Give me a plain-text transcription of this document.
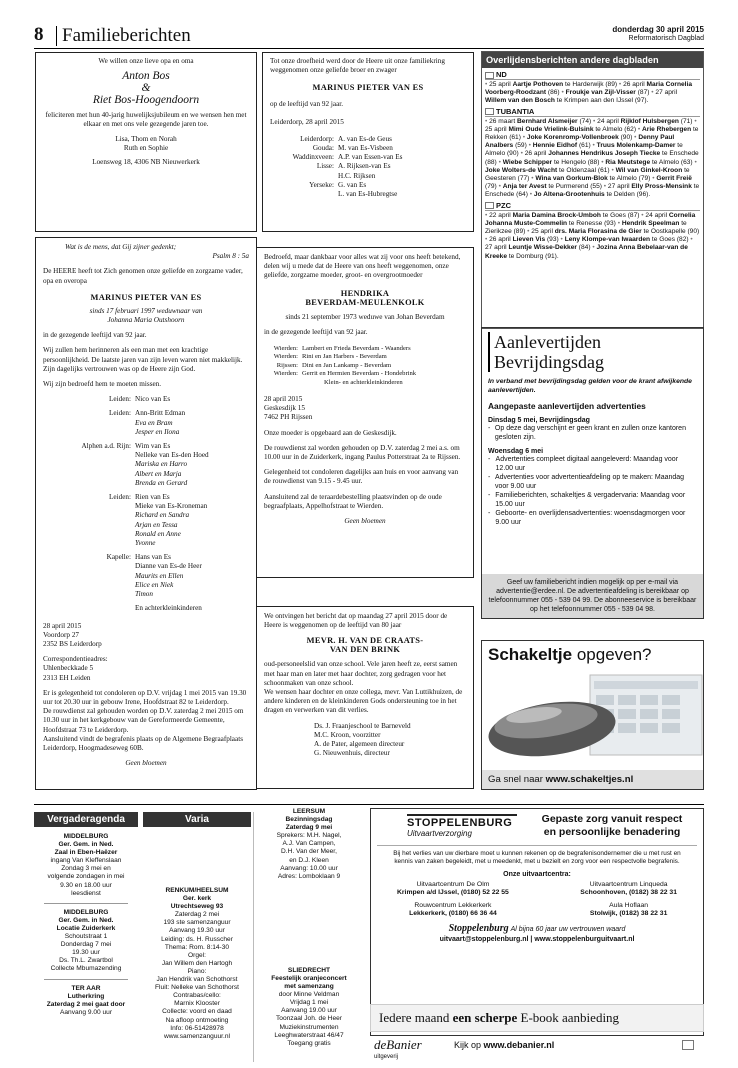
8 Familieberichten	donderdag 30 april 2015
Reformatorisch Dagblad

We willen onze lieve opa en oma

Anton Bos

&

Riet Bos-Hoogendoorn

feliciteren met hun 40-jarig huwelijksjubileum en we wensen hen met elkaar en met ons vele gezegende jaren toe.

Lisa, Thom en Norah

Ruth en Sophie

Loensweg 18, 4306 NB Nieuwerkerk

Tot onze droefheid werd door de Heere uit onze familiekring weggenomen onze geliefde broer en zwager

MARINUS PIETER VAN ES

op de leeftijd van 92 jaar.

Leiderdorp, 28 april 2015

Leiderdorp: A. van Es-de Geus
Gouda: M. van Es-Visbeen
Waddinxveen: A.P. van Essen-van Es
Lisse: A. Rijksen-van Es
H.C. Rijksen
Yerseke: G. van Es
L. van Es-Hubregtse

Wat is de mens, dat Gij zijner gedenkt;

Psalm 8 : 5a

De HEERE heeft tot Zich genomen onze geliefde en zorgzame vader, opa en overopa

MARINUS PIETER VAN ES

sinds 17 februari 1997 weduwnaar van

Johanna Maria Outshoorn

in de gezegende leeftijd van 92 jaar.

Wij zullen hem herinneren als een man met een krachtige persoonlijkheid. De laatste jaren van zijn leven waren niet makkelijk. Zijn dagelijks vertrouwen was op de Heere zijn God.

Wij zijn bedroefd hem te moeten missen.

Leiden: Nico van Es
Leiden: Ann-Britt Edman
Eva en Bram
Jesper en Ilona
Alphen a.d. Rijn: Wim van Es
Nelleke van Es-den Hoed
Mariska en Harro
Albert en Marja
Brenda en Gerard
Leiden: Rien van Es
Mieke van Es-Kroneman
Richard en Sandra
Arjan en Tessa
Ronald en Anne
Yvonne
Kapelle: Hans van Es
Dianne van Es-de Heer
Maurits en Ellen
Elice en Niek
Timon
En achterkleinkinderen

28 april 2015

Voordorp 27

2352 BS Leiderdorp

Correspondentieadres:

Uhlenbeckkade 5

2313 EH Leiden

Er is gelegenheid tot condoleren op D.V. vrijdag 1 mei 2015 van 19.30 uur tot 20.30 uur in gebouw Irene, Hoofdstraat 82 te Leiderdorp.

De rouwdienst zal gehouden worden op D.V. zaterdag 2 mei 2015 om 10.30 uur in het kerkgebouw van de Gereformeerde Gemeente, Hoofdstraat 73 te Leiderdorp.

Aansluitend vindt de begrafenis plaats op de Algemene Begraafplaats Leiderdorp, Hoogmadeseweg 60B.

Geen bloemen

Bedroefd, maar dankbaar voor alles wat zij voor ons heeft betekend, delen wij u mede dat de Heere van ons heeft weggenomen, onze geliefde, zorgzame moeder, groot- en overgrootmoeder

HENDRIKA

BEVERDAM-MEULENKOLK

sinds 21 september 1973 weduwe van Johan Beverdam

in de gezegende leeftijd van 92 jaar.

Wierden: Lambert en Frieda Beverdam - Waanders
Wierden: Rini en Jan Harbers - Beverdam
Rijssen: Dini en Jan Lankamp - Beverdam
Wierden: Gerrit en Hermien Beverdam - Hondebrink
Klein- en achterkleinkinderen

28 april 2015

Geskesdijk 15

7462 PH Rijssen

Onze moeder is opgebaard aan de Geskesdijk.

De rouwdienst zal worden gehouden op D.V. zaterdag 2 mei a.s. om 10.00 uur in de Zuiderkerk, ingang Paulus Potterstraat 2a te Rijssen.

Gelegenheid tot condoleren dagelijks aan huis en voor aanvang van de rouwdienst van 9.15 - 9.45 uur.

Aansluitend zal de teraardebestelling plaatsvinden op de oude begraafplaats, Appelhofstraat te Wierden.

Geen bloemen

We ontvingen het bericht dat op maandag 27 april 2015 door de Heere is weggenomen op de leeftijd van 80 jaar

MEVR. H. VAN DE CRAATS-

VAN DEN BRINK

oud-personeelslid van onze school. Vele jaren heeft ze, eerst samen met haar man en later met haar dochter, zorg gedragen voor het schoonmaken van onze school.

We wensen haar dochter en onze collega, mevr. Van Luttikhuizen, de andere kinderen en de kleinkinderen Gods ondersteuning toe in het dragen en verwerken van dit verlies.

Ds. J. Fraanjeschool te Barneveld

M.C. Kroon, voorzitter

A. de Pater, algemeen directeur

G. Nieuwenhuis, directeur

Overlijdensberichten andere dagbladen
ND
• 25 april Aartje Pothoven te Harderwijk (89) • 26 april Maria Cornelia Voorberg-Roodzant (86) • Froukje van Zijl-Visser (87) • 27 april Willem van den Bosch te Krimpen aan den IJssel (97).
TUBANTIA
• 26 maart Bernhard Alsmeijer (74) • 24 april Rijklof Hulsbergen (71) • 25 april Mimi Oude Vrielink-Bulsink te Almelo (62) • Arie Rhebergen te Rekken (61) • Joke Korenromp-Vollenbroek (90) • Denny Paul Analbers (59) • Hennie Eidhof (61) • Truus Molenkamp-Damer te Almelo (90) • 26 april Johannes Hendrikus Joseph Tiecke te Enschede (88) • Wiebe Schipper te Hengelo (88) • Ria Meutstege te Almelo (63) • Joke Wolters-de Wacht te Oldenzaal (61) • Wil van Ginkel-Kroon te Geesteren (77) • Wina van Gorkum-Blok te Almelo (79) • Gerrit Freië (79) • Anja ter Avest te Purmerend (55) • 27 april Elly Pross-Mensink te Enschede (64) • Jo Altena-Grootenhuis te Delden (96).
PZC
• 22 april Maria Damina Brock-Umboh te Goes (87) • 24 april Cornelia Johanna Muste-Commelin te Renesse (93) • Hendrik Speelman te Zierikzee (89) • 25 april drs. Maria Florasina de Gier te Oostkapelle (90) • 26 april Lieven Vis (93) • Leny Klompe-van Iwaarden te Goes (82) • 27 april Leuntje Wisse-Dekker (84) • Jozina Anna Bebelaar-van de Kreeke te Domburg (91).
Aanlevertijden
Bevrijdingsdag

In verband met bevrijdingsdag gelden voor de krant afwijkende aanlevertijden.

Aangepaste aanlevertijden advertenties

Dinsdag 5 mei, Bevrijdingsdag

- Op deze dag verschijnt er geen krant en zullen onze kantoren gesloten zijn.

Woensdag 6 mei

- Advertenties compleet digitaal aangeleverd: Maandag voor 12.00 uur
- Advertenties voor advertentieafdeling op te maken: Maandag voor 9.00 uur
- Familieberichten, schakeltjes & vergadervaria: Maandag voor 15.00 uur
- Geboorte- en overlijdensadvertenties: woensdagmorgen voor 9.00 uur
Geef uw familiebericht indien mogelijk op per e-mail via advertentie@erdee.nl. De advertentieafdeling is bereikbaar op telefoonnummer 055 - 539 04 99. De abonneeservice is bereikbaar op het telefoonnummer 055 - 539 04 98.
Schakeltje opgeven?
Ga snel naar www.schakeltjes.nl
Vergaderagenda
MIDDELBURG
Ger. Gem. in Ned.
Zaal in Eben-Haëzer
ingang Van Kleffenslaan
Zondag 3 mei en
volgende zondagen in mei
9.30 en 18.00 uur
leesdienst
MIDDELBURG
Ger. Gem. in Ned.
Locatie Zuiderkerk
Schoutstraat 1
Donderdag 7 mei
19.30 uur
Ds. Th.L. Zwartbol
Collecte Mbumazending
TER AAR
Lutherkring
Zaterdag 2 mei gaat door
Aanvang 9.00 uur
Varia
RENKUM/HEELSUM
Ger. kerk
Utrechtseweg 93
Zaterdag 2 mei
193 ste samenzanguur
Aanvang 19.30 uur
Leiding: ds. H. Russcher
Thema: Rom. 8:14-30
Orgel:
Jan Willem den Hartogh
Piano:
Jan Hendrik van Schothorst
Fluit: Nelleke van Schothorst
Contrabas/cello:
Marnix Klooster
Collecte: voord en daad
Na afloop ontmoeting
Info: 06-51428978
www.samenzanguur.nl
LEERSUM
Bezinningsdag
Zaterdag 9 mei
Sprekers: M.H. Nagel,
A.J. Van Campen,
D.H. Van der Meer,
en D.J. Kleen
Aanvang: 10.00 uur
Adres: Lomboklaan 9
SLIEDRECHT
Feestelijk oranjeconcert
met samenzang
door Minne Veldman
Vrijdag 1 mei
Aanvang 19.00 uur
Toonzaal Joh. de Heer
Muziekinstrumenten
Leeghwaterstraat 46/47
Toegang gratis
STOPPELENBURG
Uitvaartverzorging
Gepaste zorg vanuit respect
en persoonlijke benadering

Bij het verlies van uw dierbare moet u kunnen rekenen op de begrafenisondernemer die u met rust en kennis van zaken begeleidt, met u meedenkt, met u bezielt en zorg voor een respectvolle begrafenis.

Onze uitvaartcentra:

Uitvaartcentrum De Olm
Krimpen a/d IJssel, (0180) 52 22 55
Rouwcentrum Lekkerkerk
Lekkerkerk, (0180) 66 36 44
Uitvaartcentrum Linqueda
Schoonhoven, (0182) 38 22 31
Aula Hoflaan
Stolwijk, (0182) 38 22 31
Stoppelenburg Al bijna 60 jaar uw vertrouwen waard
uitvaart@stoppelenburg.nl | www.stoppelenburguitvaart.nl
Iedere maand een scherpe E-book aanbieding
deBanier
uitgeverij
Kijk op www.debanier.nl
